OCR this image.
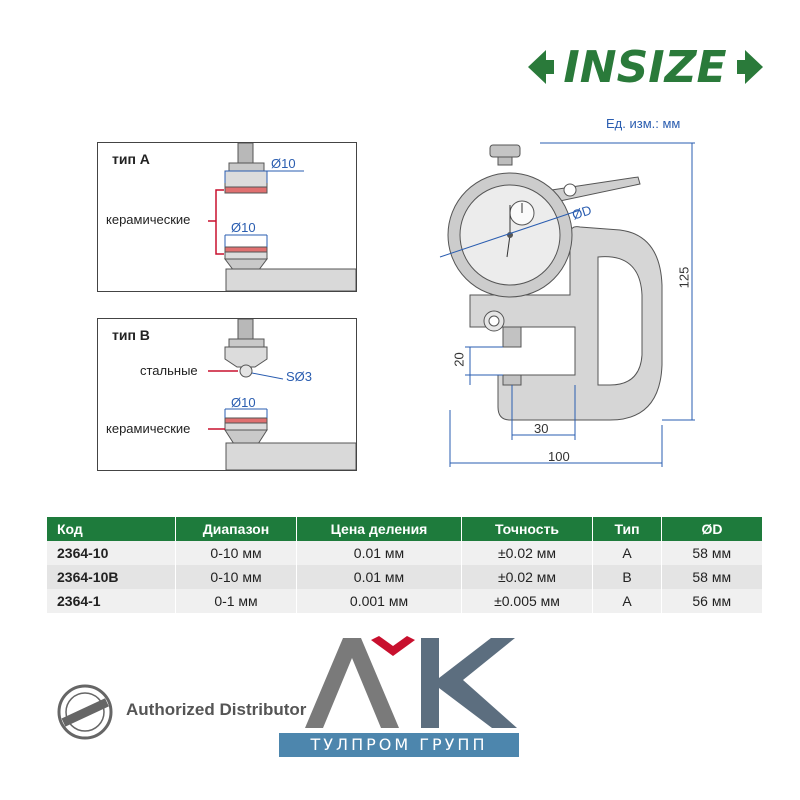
INSIZE
Ед. изм.: мм
тип А	Ø10
Ø10
керамические
тип В
стальные	SØ3
Ø10
керамические
ØD
125
20
30
100
Код	Диапазон	Цена деления	Точность	Тип	ØD
2364-10	0-10 мм	0.01 мм	±0.02 мм	A	58 мм
2364-10B	0-10 мм	0.01 мм	±0.02 мм	B	58 мм
2364-1	0-1 мм	0.001 мм	±0.005 мм	A	56 мм
Authorized Distributor
ТУЛПРОМ ГРУПП
